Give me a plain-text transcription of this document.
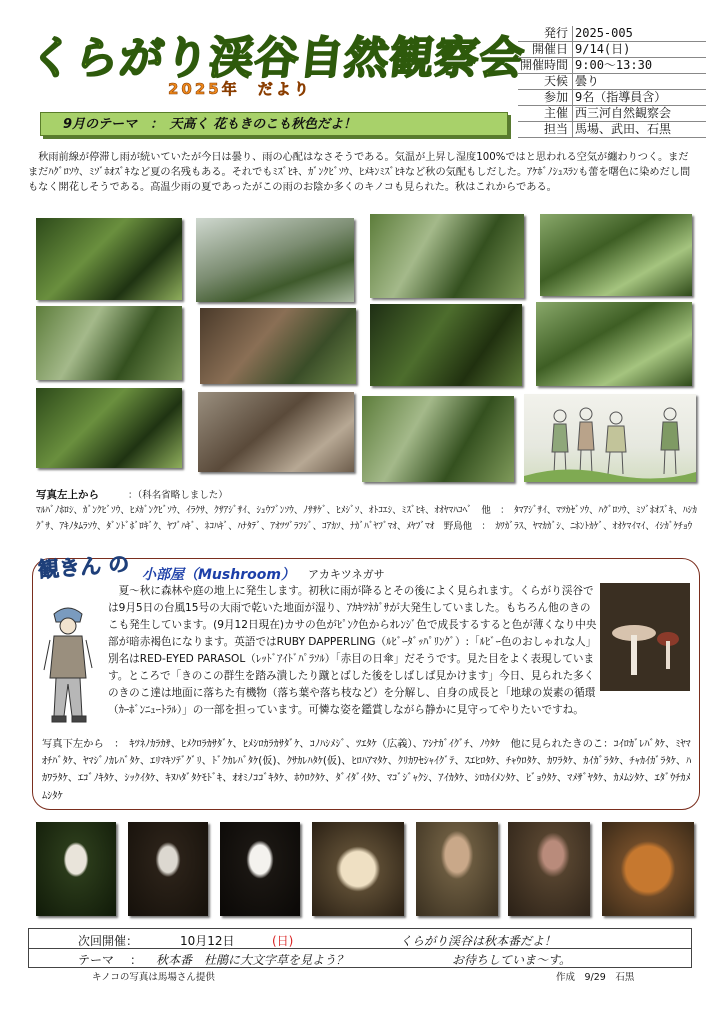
くらがり渓谷自然観察会
2025年　だより
9月のテーマ　：　天高く 花もきのこも秋色だよ！
発行	2025-005
開催日	9/14(日)
開催時間	9:00〜13:30
天候	曇り
参加	9名（指導員含）
主催	西三河自然観察会
担当	馬場、武田、石黒
秋雨前線が停滞し雨が続いていたが今日は曇り、雨の心配はなさそうである。気温が上昇し湿度100%ではと思われる空気が纏わりつく。まだまだﾊｸﾞﾛｿｳ、ﾐｿﾞﾎｵｽﾞｷなど夏の名残もある。それでもﾐｽﾞﾋｷ、ｶﾞﾝｸﾋﾞｿｳ、ﾋﾒｷﾝﾐｽﾞﾋｷなど秋の気配もしだした。ｱｹﾎﾞﾉｼｭｽﾗﾝも蕾を曙色に染めだし間もなく開花しそうである。高温少雨の夏であったがこの雨のお陰か多くのキノコも見られた。秋はこれからである。
写真左上から	：（科名省略しました）
ﾏﾙﾊﾞﾉﾎﾛｼ、ｶﾞﾝｸﾋﾞｿｳ、ﾋﾒｶﾞﾝｸﾋﾞｿｳ、ｲﾗｸｻ、ｸｻｱｼﾞｻｲ、ｼｭｳﾌﾞﾝｿｳ、ﾉｻｻｹﾞ、ﾋﾒｼﾞｿ、ｵﾄｺｴｼ、ﾐｽﾞﾋｷ、ｵｵﾔﾏﾊｺﾍﾞ　他　：　ﾀﾏｱｼﾞｻｲ、ﾏﾂｶｾﾞｿｳ、ﾊｸﾞﾛｿｳ、ﾐｿﾞﾎｵｽﾞｷ、ﾊｼｶｸﾞｻ、ｱｷﾉﾀﾑﾗｿｳ、ﾀﾞﾝﾄﾞﾎﾞﾛｷﾞｸ、ﾔﾌﾞﾊｷﾞ、ﾈｺﾊｷﾞ、ﾊﾅﾀﾃﾞ、ｱｵﾂﾂﾞﾗﾌｼﾞ、ｺｱｶｿ、ﾅｶﾞﾊﾞﾔﾌﾞﾏｵ、ﾒﾔﾌﾞﾏｵ　野鳥他　：　ｶﾜｶﾞﾗｽ、ﾔﾏｶｶﾞｼ、ﾆﾎﾝﾄｶｹﾞ、ｵｵｹﾏｲﾏｲ、ｲｼｶﾞｹﾁｮｳ
観きん の 小部屋（Mushroom） アカキツネガサ
夏〜秋に森林や庭の地上に発生します。初秋に雨が降るとその後によく見られます。くらがり渓谷では9月5日の台風15号の大雨で乾いた地面が湿り、ｱｶｷﾂﾈｶﾞｻが大発生していました。もちろん他のきのこも発生しています。(9月12日現在)カサの色がﾋﾟﾝｸ色からｵﾚﾝｼﾞ色で成長するすると色が薄くなり中央部が暗赤褐色になります。英語ではRUBY DAPPERLING（ﾙﾋﾞｰﾀﾞｯﾊﾟﾘﾝｸﾞ）:「ﾙﾋﾞｰ色のおしゃれな人」別名はRED-EYED PARASOL（ﾚｯﾄﾞｱｲﾄﾞﾊﾟﾗｿﾙ）「赤目の日傘」だそうです。見た目をよく表現しています。ところで「きのこの群生を踏み潰したり蹴とばした後をしばしば見かけます」今日、見られた多くのきのこ達は地面に落ちた有機物（落ち葉や落ち枝など）を分解し、自身の成長と「地球の炭素の循環（ｶｰﾎﾞﾝﾆｭｰﾄﾗﾙ）」の一部を担っています。可憐な姿を鑑賞しながら静かに見守ってやりたいですね。
写真下左から　：　ｷﾂﾈﾉｶﾗｶｻ、ﾋﾒｸﾛﾗｶｻﾀﾞｹ、ﾋﾒｼﾛｶﾗｶｻﾀﾞｹ、ｺﾉﾊｼﾒｼﾞ、ﾂｴﾀｹ（広義）、ｱｼﾅｶﾞｲｸﾞﾁ、ﾉｳﾀｹ　他に見られたきのこ：ｺｲﾛｶﾞﾚﾊﾞﾀｹ、ﾐﾔﾏｵﾁﾊﾞﾀｹ、ﾔﾏｼﾞﾉｶﾚﾊﾞﾀｹ、ｴﾘﾏｷｿﾃﾞｸﾞﾘ、ﾄﾞｸｶﾚﾊﾞﾀｹ(仮)、ｸｻｶﾚﾊﾀｹ(仮)、ﾋﾛﾊｱﾏﾀｹ、ｸﾘｶﾜｾｼｬｲｸﾞﾃ、ｽｴﾋﾛﾀｹ、ﾁｬｳﾛﾀｹ、ｶﾜﾗﾀｹ、ｶｲｶﾞﾗﾀｹ、ﾁｬｶｲｶﾞﾗﾀｹ、ﾊｶﾜﾗﾀｹ、ｴｺﾞﾉｷﾀｹ、ｼｯｸｲﾀｹ、ｷﾇﾊﾀﾞﾀｹﾓﾄﾞｷ、ｵｵﾐﾉｺｺﾞｷﾀｹ、ﾎｳﾛｸﾀｹ、ﾀﾞｲﾀﾞｲﾀｹ、ﾏｺﾞｼﾞｬｸｼ、ｱｲｶﾀｹ、ｼﾛｶｲﾒﾝﾀｹ、ﾋﾞｮｳﾀｹ、ﾏﾒｻﾞﾔﾀｹ、ｶﾒﾑｼﾀｹ、ｴﾀﾞｳﾁｶﾒﾑｼﾀｹ
次回開催：	10月12日	(日)	くらがり渓谷は秋本番だよ！
テーマ ： 秋本番　杜鵑に大文字草を見よう？	お待ちしていま〜す。
キノコの写真は馬場さん提供	作成　9/29　石黒
